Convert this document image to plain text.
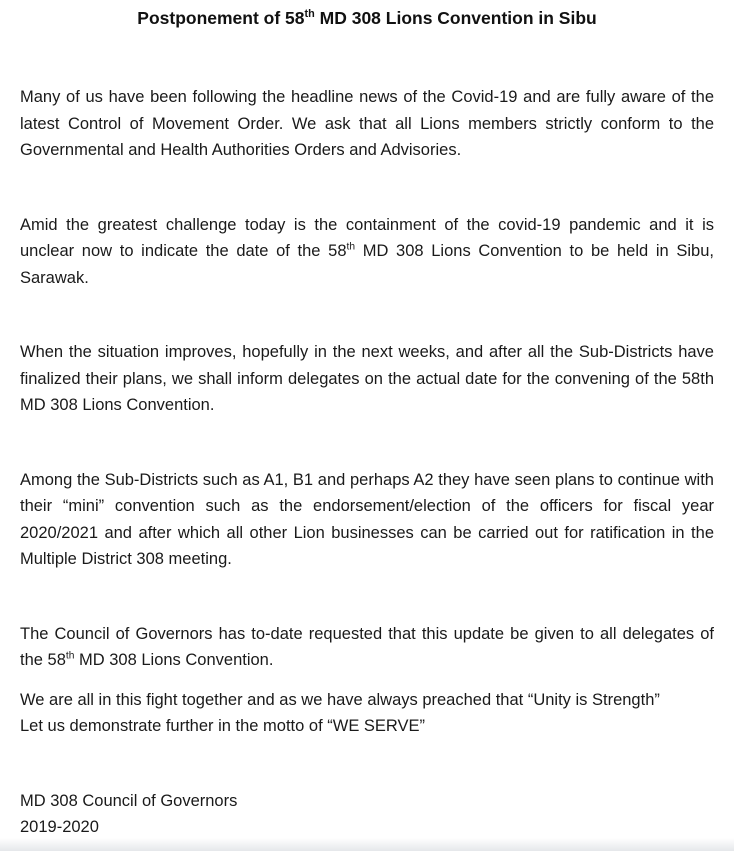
Postponement of 58th MD 308 Lions Convention in Sibu

Many of us have been following the headline news of the Covid-19 and are fully aware of the latest Control of Movement Order. We ask that all Lions members strictly conform to the Governmental and Health Authorities Orders and Advisories.

Amid the greatest challenge today is the containment of the covid-19 pandemic and it is unclear now to indicate the date of the 58th MD 308 Lions Convention to be held in Sibu, Sarawak.

When the situation improves, hopefully in the next weeks, and after all the Sub-Districts have finalized their plans, we shall inform delegates on the actual date for the convening of the 58th MD 308 Lions Convention.

Among the Sub-Districts such as A1, B1 and perhaps A2 they have seen plans to continue with their “mini” convention such as the endorsement/election of the officers for fiscal year 2020/2021 and after which all other Lion businesses can be carried out for ratification in the Multiple District 308 meeting.

The Council of Governors has to-date requested that this update be given to all delegates of the 58th MD 308 Lions Convention.

We are all in this fight together and as we have always preached that “Unity is Strength”
Let us demonstrate further in the motto of “WE SERVE”

MD 308 Council of Governors
2019-2020
